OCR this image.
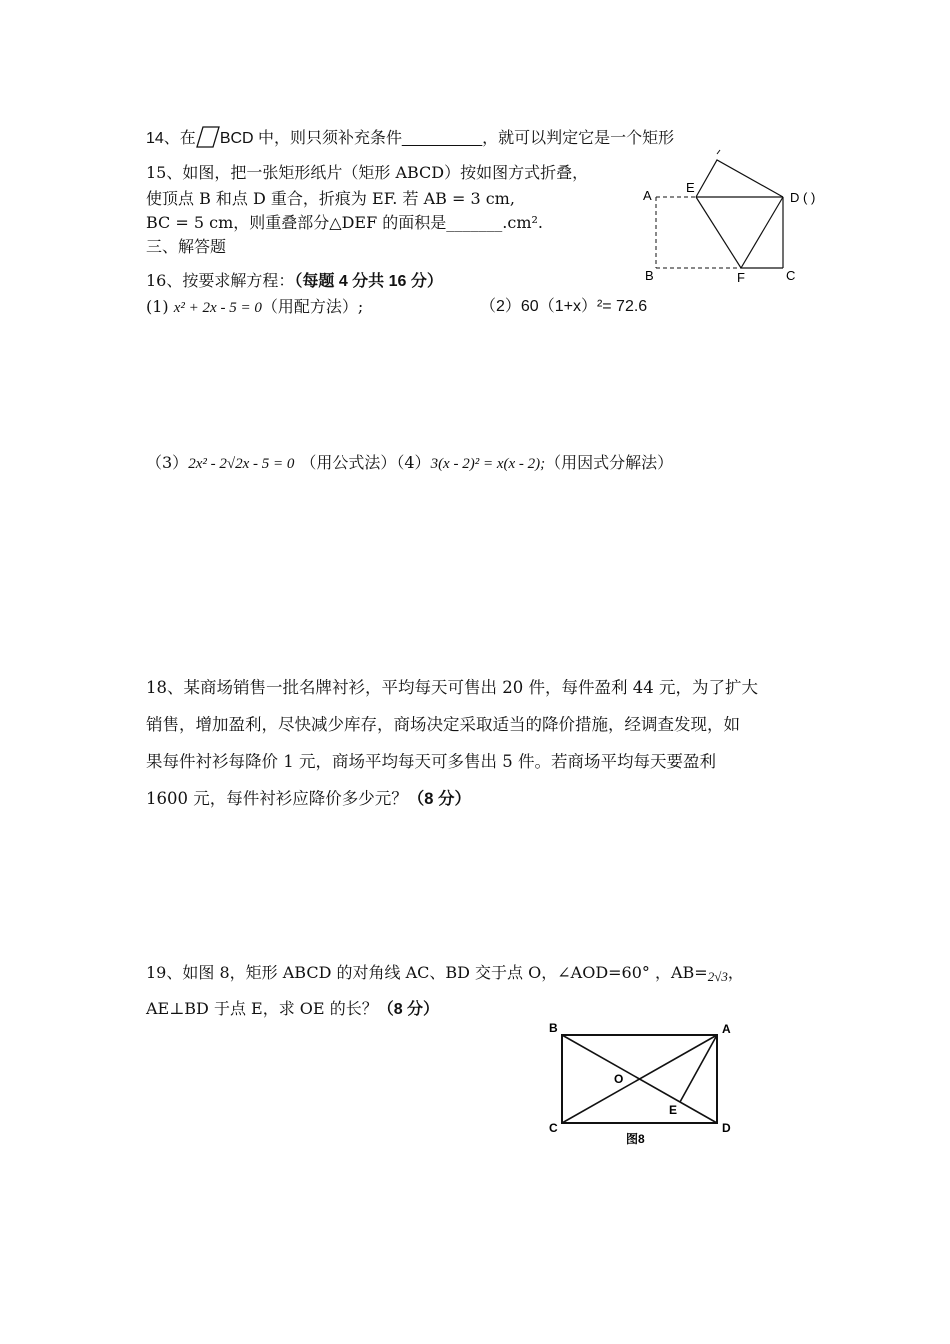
14、在 BCD 中，则只须补充条件_________，就可以判定它是一个矩形
15、如图，把一张矩形纸片（矩形 ABCD）按如图方式折叠，
使顶点 B 和点 D 重合，折痕为 EF. 若 AB = 3 cm,
BC = 5 cm，则重叠部分△DEF 的面积是_______.cm².
A
E
D ( )
B	F	C
三、解答题
16、按要求解方程：（每题 4 分共 16 分）
(1) x² + 2x - 5 = 0（用配方法）;	（2）60（1+x）²= 72.6
（3）2x² - 2√2x - 5 = 0 （用公式法）（4）3(x - 2)² = x(x - 2);（用因式分解法）
18、某商场销售一批名牌衬衫，平均每天可售出 20 件，每件盈利 44 元，为了扩大
销售，增加盈利，尽快减少库存，商场决定采取适当的降价措施，经调查发现，如
果每件衬衫每降价 1 元，商场平均每天可多售出 5 件。若商场平均每天要盈利
1600 元，每件衬衫应降价多少元？（8 分）
19、如图 8，矩形 ABCD 的对角线 AC、BD 交于点 O，∠AOD=60° ，AB=2√3，
AE⊥BD 于点 E，求 OE 的长？（8 分）
B	A
O
E
C	D
图8
